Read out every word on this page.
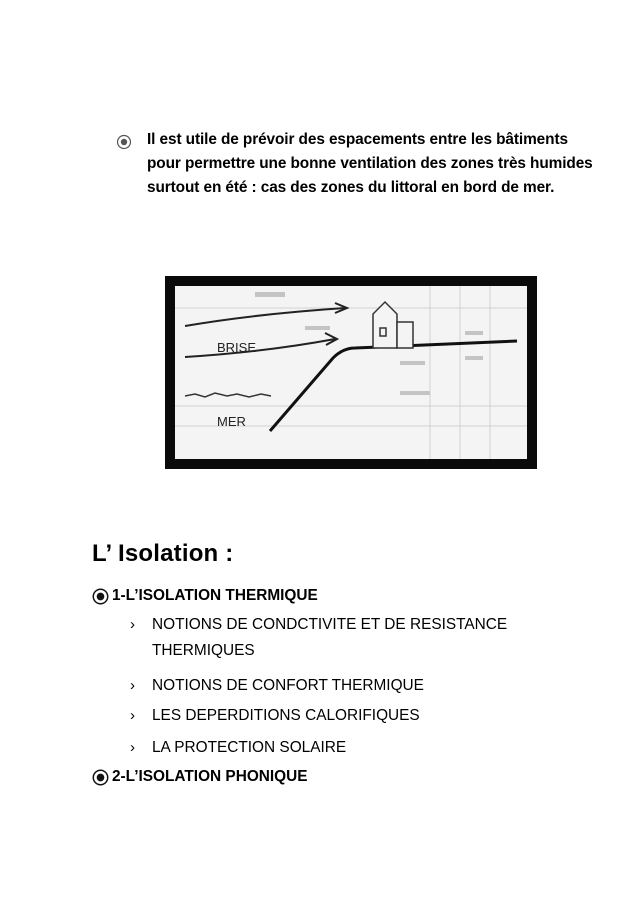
Il est utile de prévoir des espacements entre les bâtiments pour permettre une bonne ventilation des zones très humides surtout en été : cas des zones du littoral en bord de mer.

BRISE
MER
L’ Isolation :
1-L’ISOLATION THERMIQUE
›	NOTIONS DE CONDCTIVITE ET DE RESISTANCE THERMIQUES
›	NOTIONS DE CONFORT THERMIQUE
›	LES DEPERDITIONS CALORIFIQUES
›	LA PROTECTION SOLAIRE
2-L’ISOLATION PHONIQUE
